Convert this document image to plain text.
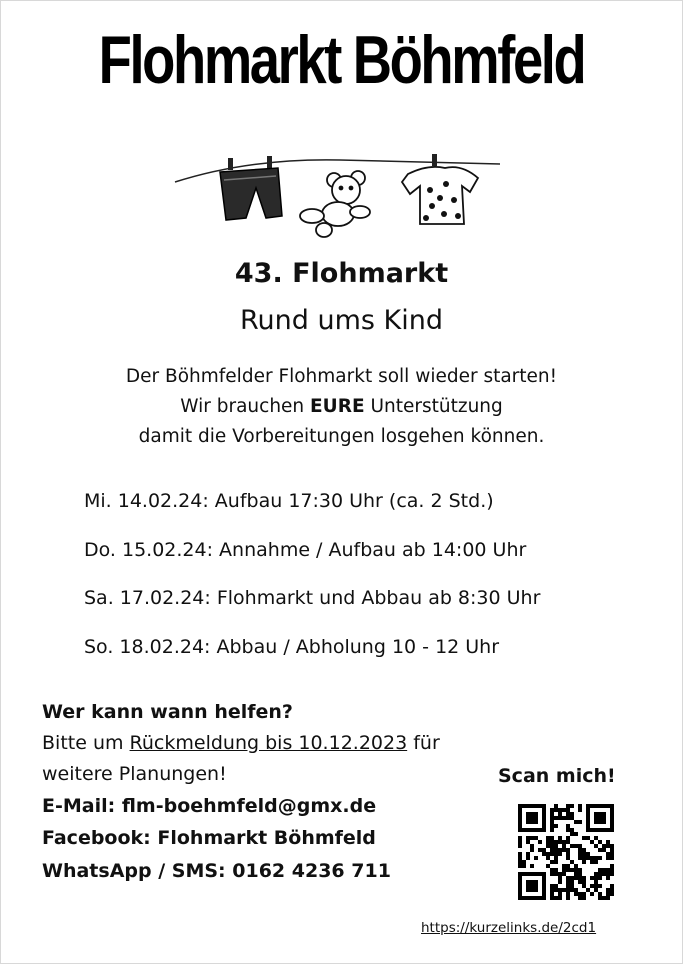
Flohmarkt Böhmfeld
43. Flohmarkt
Rund ums Kind
Der Böhmfelder Flohmarkt soll wieder starten!
Wir brauchen EURE Unterstützung
damit die Vorbereitungen losgehen können.
Mi. 14.02.24: Aufbau 17:30 Uhr (ca. 2 Std.)
Do. 15.02.24: Annahme / Aufbau ab 14:00 Uhr
Sa. 17.02.24: Flohmarkt und Abbau ab 8:30 Uhr
So. 18.02.24: Abbau / Abholung 10 - 12 Uhr
Wer kann wann helfen?
Bitte um Rückmeldung bis 10.12.2023 für
weitere Planungen!
E-Mail: flm-boehmfeld@gmx.de
Facebook: Flohmarkt Böhmfeld
WhatsApp / SMS: 0162 4236 711
Scan mich!
https://kurzelinks.de/2cd1
